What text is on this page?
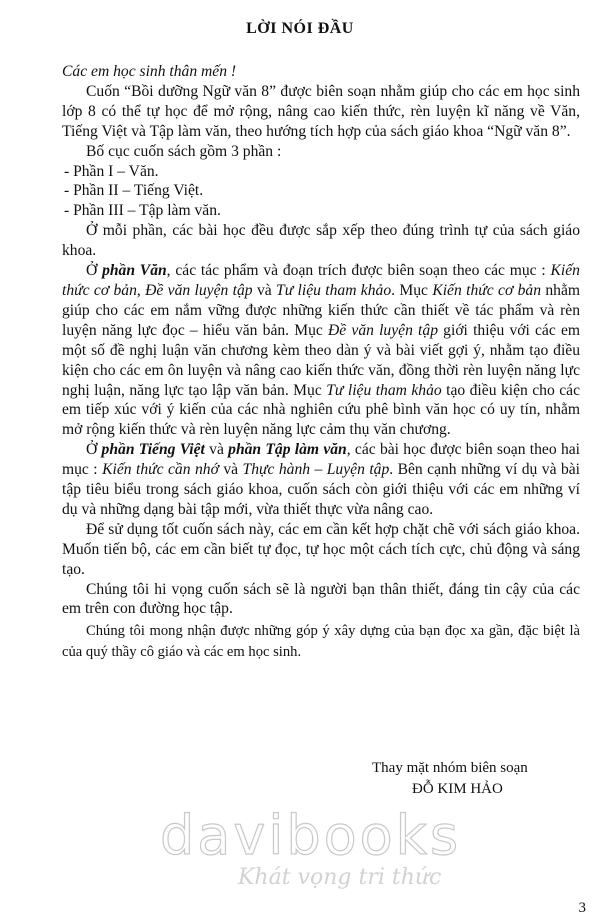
LỜI NÓI ĐẦU

Các em học sinh thân mến !

Cuốn “Bồi dưỡng Ngữ văn 8” được biên soạn nhằm giúp cho các em học sinh lớp 8 có thể tự học để mở rộng, nâng cao kiến thức, rèn luyện kĩ năng về Văn, Tiếng Việt và Tập làm văn, theo hướng tích hợp của sách giáo khoa “Ngữ văn 8”.

Bố cục cuốn sách gồm 3 phần :

- Phần I – Văn.

- Phần II – Tiếng Việt.

- Phần III – Tập làm văn.

Ở mỗi phần, các bài học đều được sắp xếp theo đúng trình tự của sách giáo khoa.

Ở phần Văn, các tác phẩm và đoạn trích được biên soạn theo các mục : Kiến thức cơ bản, Đề văn luyện tập và Tư liệu tham khảo. Mục Kiến thức cơ bản nhằm giúp cho các em nắm vững được những kiến thức cần thiết về tác phẩm và rèn luyện năng lực đọc – hiểu văn bản. Mục Đề văn luyện tập giới thiệu với các em một số đề nghị luận văn chương kèm theo dàn ý và bài viết gợi ý, nhằm tạo điều kiện cho các em ôn luyện và nâng cao kiến thức văn, đồng thời rèn luyện năng lực nghị luận, năng lực tạo lập văn bản. Mục Tư liệu tham khảo tạo điều kiện cho các em tiếp xúc với ý kiến của các nhà nghiên cứu phê bình văn học có uy tín, nhằm mở rộng kiến thức và rèn luyện năng lực cảm thụ văn chương.

Ở phần Tiếng Việt và phần Tập làm văn, các bài học được biên soạn theo hai mục : Kiến thức cần nhớ và Thực hành – Luyện tập. Bên cạnh những ví dụ và bài tập tiêu biểu trong sách giáo khoa, cuốn sách còn giới thiệu với các em những ví dụ và những dạng bài tập mới, vừa thiết thực vừa nâng cao.

Để sử dụng tốt cuốn sách này, các em cần kết hợp chặt chẽ với sách giáo khoa. Muốn tiến bộ, các em cần biết tự đọc, tự học một cách tích cực, chủ động và sáng tạo.

Chúng tôi hi vọng cuốn sách sẽ là người bạn thân thiết, đáng tin cậy của các em trên con đường học tập.

Chúng tôi mong nhận được những góp ý xây dựng của bạn đọc xa gần, đặc biệt là của quý thầy cô giáo và các em học sinh.

Thay mặt nhóm biên soạn
ĐỖ KIM HẢO
davibooks
Khát vọng tri thức
3
